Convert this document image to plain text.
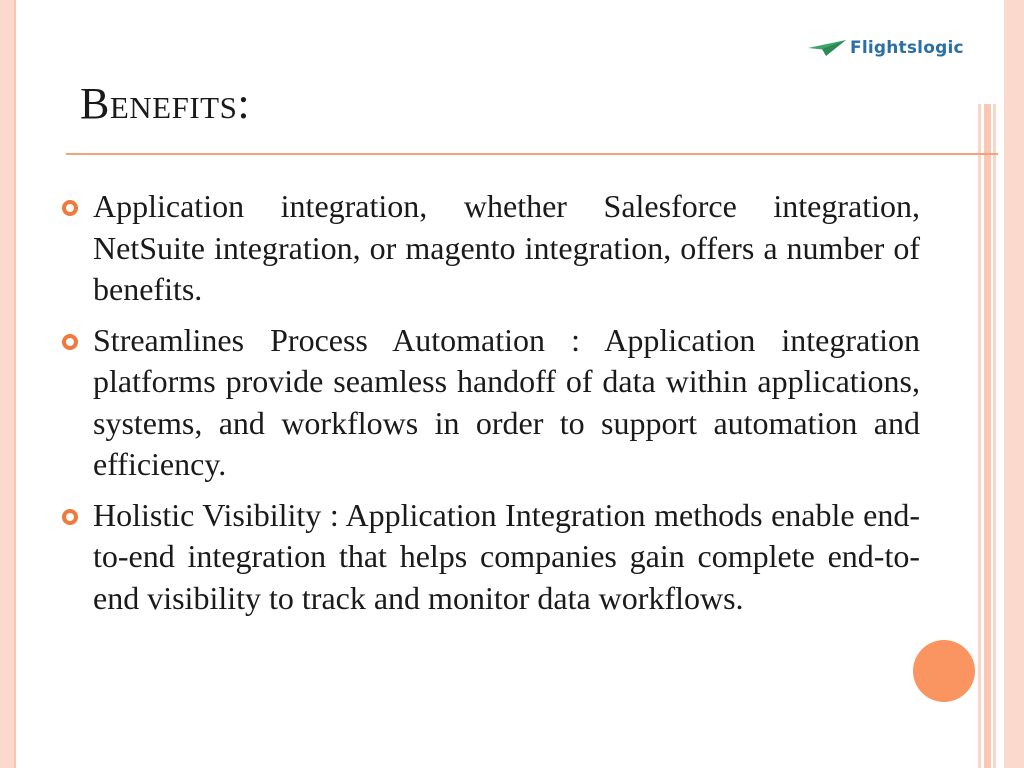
Flightslogic
Benefits:
Application integration, whether Salesforce integration, NetSuite integration, or magento integration, offers a number of benefits.
Streamlines Process Automation : Application integration platforms provide seamless handoff of data within applications, systems, and workflows in order to support automation and efficiency.
Holistic Visibility : Application Integration methods enable end-to-end integration that helps companies gain complete end-to-end visibility to track and monitor data workflows.
